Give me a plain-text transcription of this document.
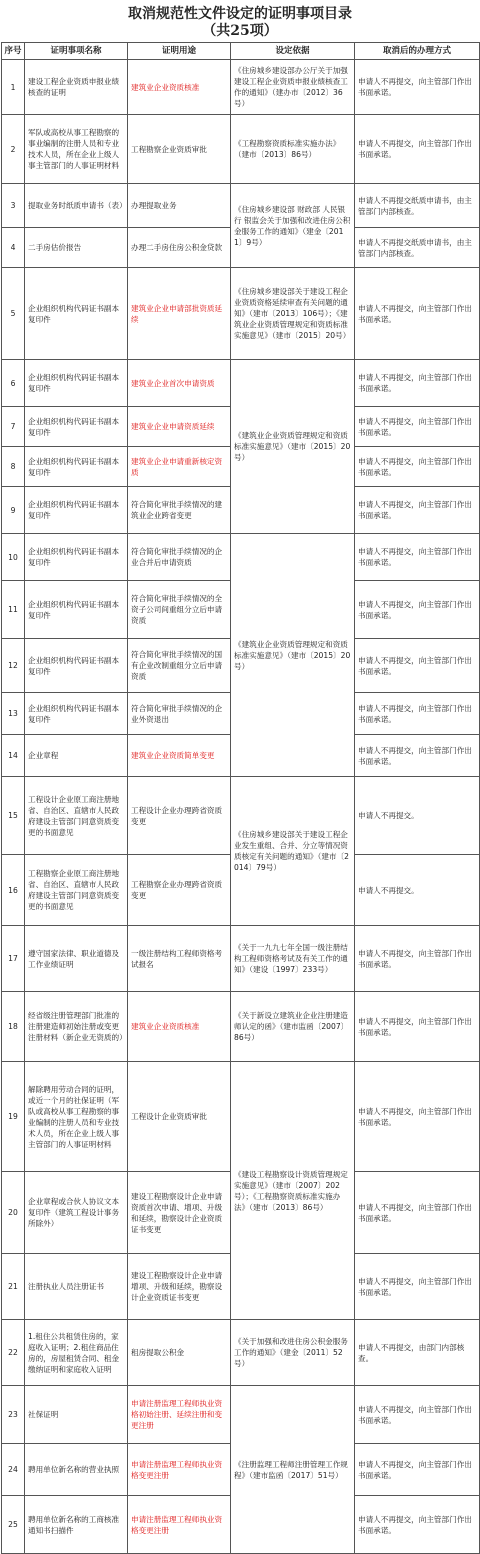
取消规范性文件设定的证明事项目录
（共25项）
序号	证明事项名称	证明用途	设定依据	取消后的办理方式
1	建设工程企业资质申报业绩核查的证明	建筑业企业资质核准	《住房城乡建设部办公厅关于加强建设工程企业资质申报业绩核查工作的通知》（建办市〔2012〕36号）	申请人不再提交，向主管部门作出书面承诺。
2	军队或高校从事工程勘察的事业编制的注册人员和专业技术人员，所在企业上级人事主管部门的人事证明材料	工程勘察企业资质审批	《工程勘察资质标准实施办法》（建市〔2013〕86号）	申请人不再提交，向主管部门作出书面承诺。
3	提取业务时纸质申请书（表）	办理提取业务	《住房城乡建设部 财政部 人民银行 银监会关于加强和改进住房公积金服务工作的通知》（建金〔2011〕9号）	申请人不再提交纸质申请书，由主管部门内部核查。
4	二手房估价报告	办理二手房住房公积金贷款		申请人不再提交纸质申请书，由主管部门内部核查。
5	企业组织机构代码证书副本复印件	建筑业企业申请部批资质延续	《住房城乡建设部关于建设工程企业资质资格延续审查有关问题的通知》（建市〔2013〕106号）；《建筑业企业资质管理规定和资质标准实施意见》（建市〔2015〕20号）	申请人不再提交，向主管部门作出书面承诺。
6	企业组织机构代码证书副本复印件	建筑业企业首次申请资质	《建筑业企业资质管理规定和资质标准实施意见》（建市〔2015〕20号）	申请人不再提交，向主管部门作出书面承诺。
7	企业组织机构代码证书副本复印件	建筑业企业申请资质延续		申请人不再提交，向主管部门作出书面承诺。
8	企业组织机构代码证书副本复印件	建筑业企业申请重新核定资质		申请人不再提交，向主管部门作出书面承诺。
9	企业组织机构代码证书副本复印件	符合简化审批手续情况的建筑业企业跨省变更		申请人不再提交，向主管部门作出书面承诺。
10	企业组织机构代码证书副本复印件	符合简化审批手续情况的企业合并后申请资质	《建筑业企业资质管理规定和资质标准实施意见》（建市〔2015〕20号）	申请人不再提交，向主管部门作出书面承诺。
11	企业组织机构代码证书副本复印件	符合简化审批手续情况的全资子公司间重组分立后申请资质		申请人不再提交，向主管部门作出书面承诺。
12	企业组织机构代码证书副本复印件	符合简化审批手续情况的国有企业改制重组分立后申请资质		申请人不再提交，向主管部门作出书面承诺。
13	企业组织机构代码证书副本复印件	符合简化审批手续情况的企业外资退出		申请人不再提交，向主管部门作出书面承诺。
14	企业章程	建筑业企业资质简单变更		申请人不再提交，向主管部门作出书面承诺。
15	工程设计企业原工商注册地省、自治区、直辖市人民政府建设主管部门同意资质变更的书面意见	工程设计企业办理跨省资质变更	《住房城乡建设部关于建设工程企业发生重组、合并、分立等情况资质核定有关问题的通知》（建市〔2014〕79号）	申请人不再提交。
16	工程勘察企业原工商注册地省、自治区、直辖市人民政府建设主管部门同意资质变更的书面意见	工程勘察企业办理跨省资质变更		申请人不再提交。
17	遵守国家法律、职业道德及工作业绩证明	一级注册结构工程师资格考试报名	《关于一九九七年全国一级注册结构工程师资格考试及有关工作的通知》（建设〔1997〕233号）	申请人不再提交，向主管部门作出书面承诺。
18	经省级注册管理部门批准的注册建造师初始注册或变更注册材料（新企业无资质的）	建筑业企业资质核准	《关于新设立建筑业企业注册建造师认定的函》（建市监函〔2007〕86号）	申请人不再提交，向主管部门作出书面承诺。
19	解除聘用劳动合同的证明，或近一个月的社保证明（军队或高校从事工程勘察的事业编制的注册人员和专业技术人员，所在企业上级人事主管部门的人事证明材料	工程设计企业资质审批	《建设工程勘察设计资质管理规定实施意见》（建市〔2007〕202号）；《工程勘察资质标准实施办法》（建市〔2013〕86号）	申请人不再提交，向主管部门作出书面承诺。
20	企业章程或合伙人协议文本复印件（建筑工程设计事务所除外）	建设工程勘察设计企业申请资质首次申请、增项、升级和延续，勘察设计企业资质证书变更		申请人不再提交，向主管部门作出书面承诺。
21	注册执业人员注册证书	建设工程勘察设计企业申请增项、升级和延续，勘察设计企业资质证书变更		申请人不再提交，向主管部门作出书面承诺。
22	1.租住公共租赁住房的，家庭收入证明；2.租住商品住房的，房屋租赁合同、租金缴纳证明和家庭收入证明	租房提取公积金	《关于加强和改进住房公积金服务工作的通知》（建金〔2011〕52号）	申请人不再提交，由部门内部核查。
23	社保证明	申请注册监理工程师执业资格初始注册、延续注册和变更注册	《注册监理工程师注册管理工作规程》（建市监函〔2017〕51号）	申请人不再提交，向主管部门作出书面承诺。
24	聘用单位新名称的营业执照	申请注册监理工程师执业资格变更注册		申请人不再提交，向主管部门作出书面承诺。
25	聘用单位新名称的工商核准通知书扫描件	申请注册监理工程师执业资格变更注册		申请人不再提交，向主管部门作出书面承诺。
